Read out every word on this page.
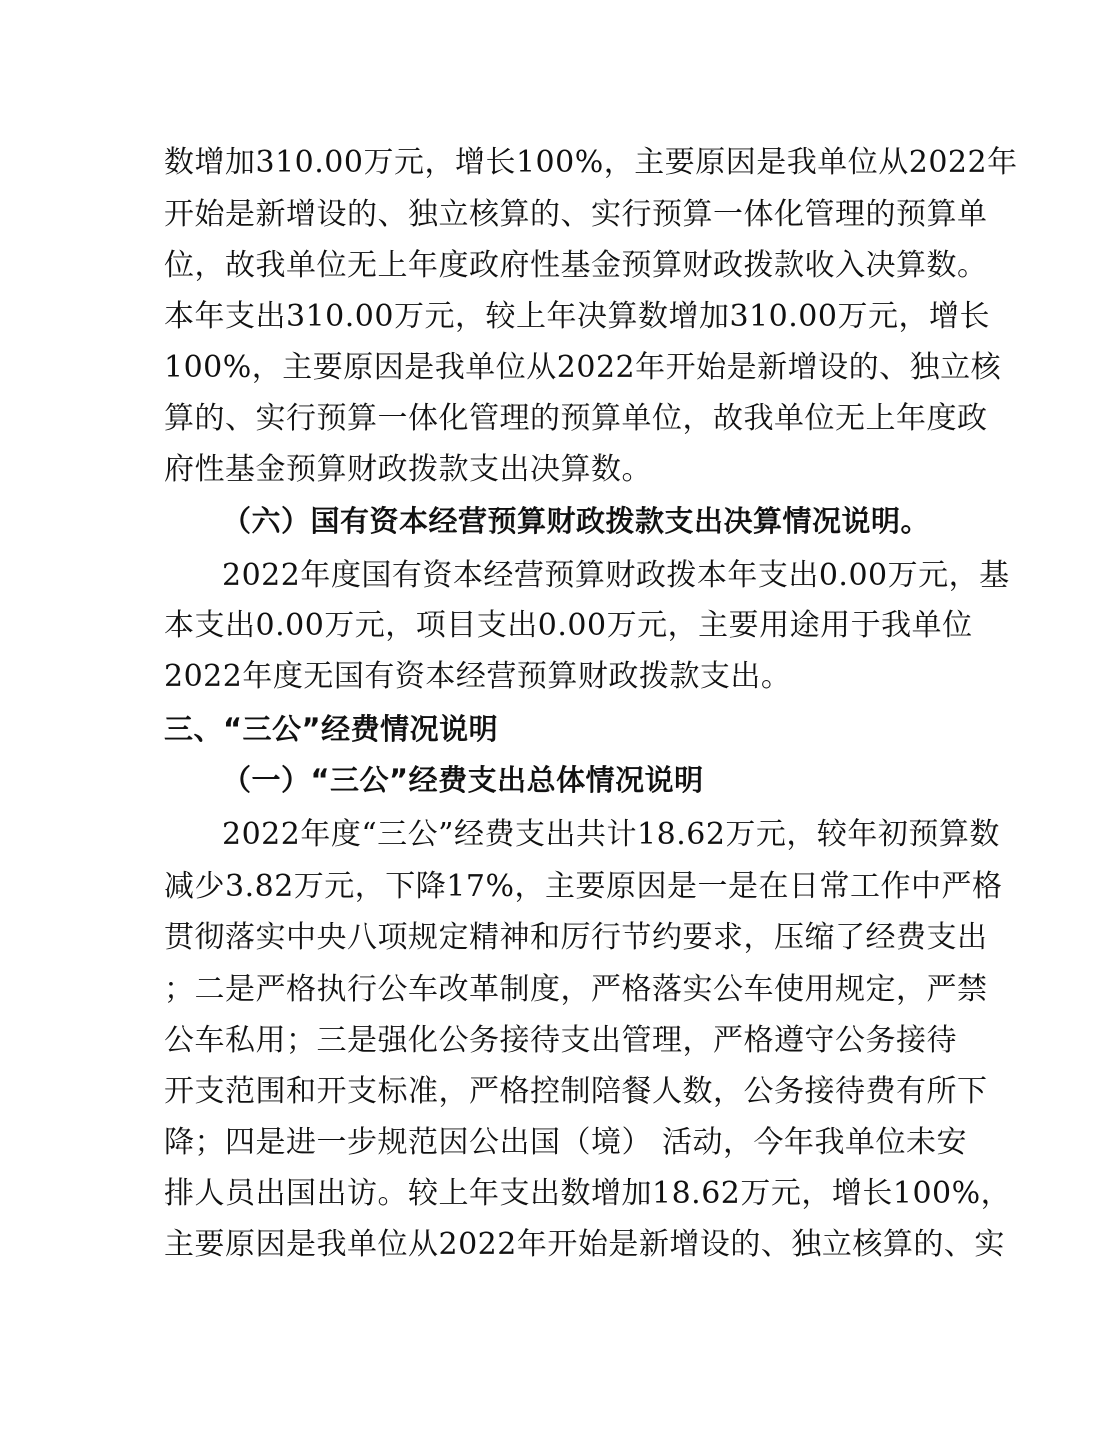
数增加310.00万元，增长100%，主要原因是我单位从2022年
开始是新增设的、独立核算的、实行预算一体化管理的预算单
位，故我单位无上年度政府性基金预算财政拨款收入决算数。
本年支出310.00万元，较上年决算数增加310.00万元，增长
100%，主要原因是我单位从2022年开始是新增设的、独立核
算的、实行预算一体化管理的预算单位，故我单位无上年度政
府性基金预算财政拨款支出决算数。
（六）国有资本经营预算财政拨款支出决算情况说明。
2022年度国有资本经营预算财政拨本年支出0.00万元，基
本支出0.00万元，项目支出0.00万元，主要用途用于我单位
2022年度无国有资本经营预算财政拨款支出。
三、“三公”经费情况说明
（一）“三公”经费支出总体情况说明
2022年度“三公”经费支出共计18.62万元，较年初预算数
减少3.82万元，下降17%，主要原因是一是在日常工作中严格
贯彻落实中央八项规定精神和厉行节约要求，压缩了经费支出
；二是严格执行公车改革制度，严格落实公车使用规定，严禁
公车私用；三是强化公务接待支出管理，严格遵守公务接待
开支范围和开支标准，严格控制陪餐人数，公务接待费有所下
降；四是进一步规范因公出国（境） 活动，今年我单位未安
排人员出国出访。较上年支出数增加18.62万元，增长100%，
主要原因是我单位从2022年开始是新增设的、独立核算的、实
